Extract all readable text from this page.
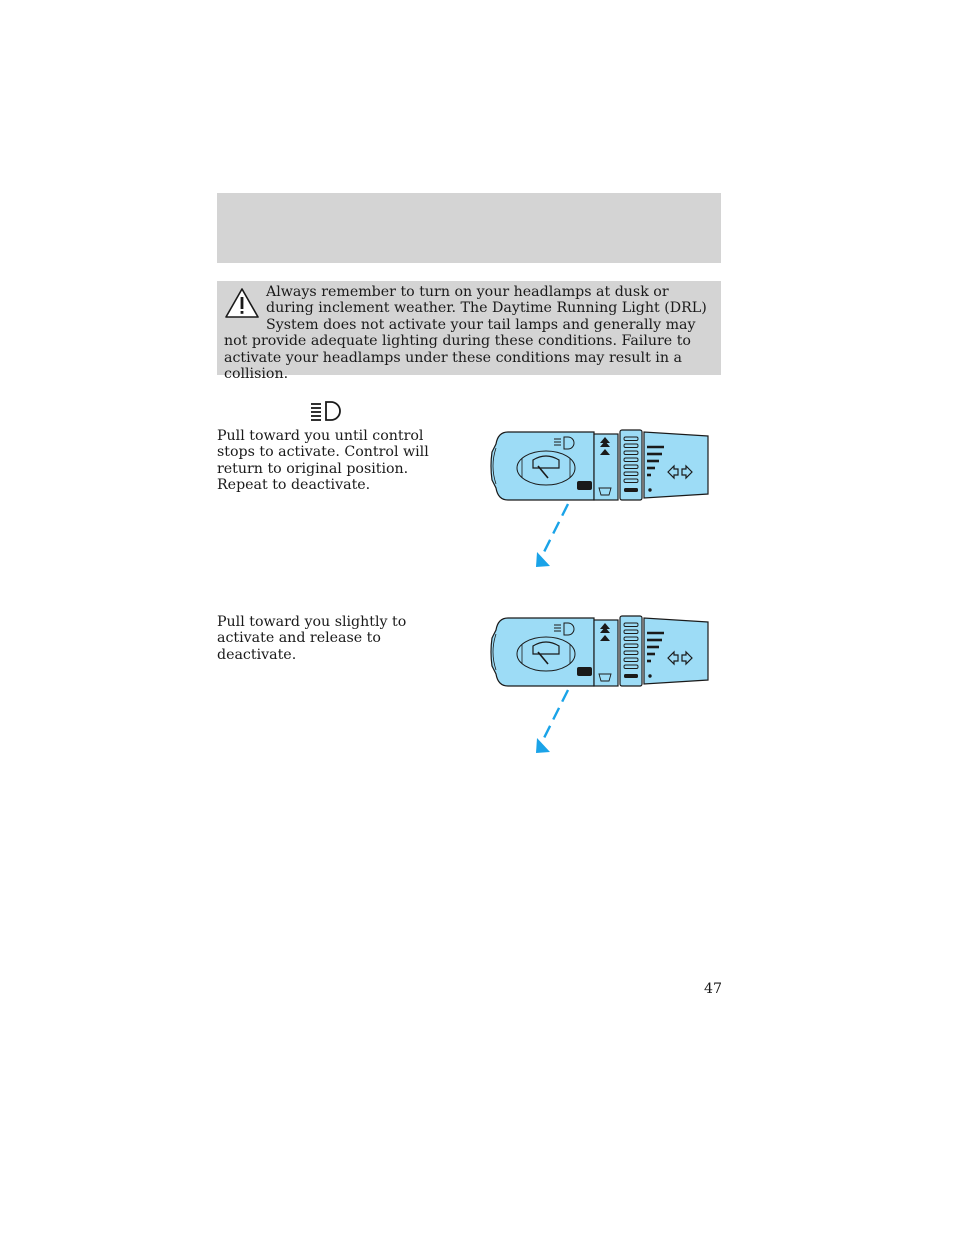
Always remember to turn on your headlamps at dusk or during inclement weather. The Daytime Running Light (DRL) System does not activate your tail lamps and generally may not provide adequate lighting during these conditions. Failure to activate your headlamps under these conditions may result in a collision.

Pull toward you until control stops to activate. Control will return to original position. Repeat to deactivate.

Pull toward you slightly to activate and release to deactivate.

47
